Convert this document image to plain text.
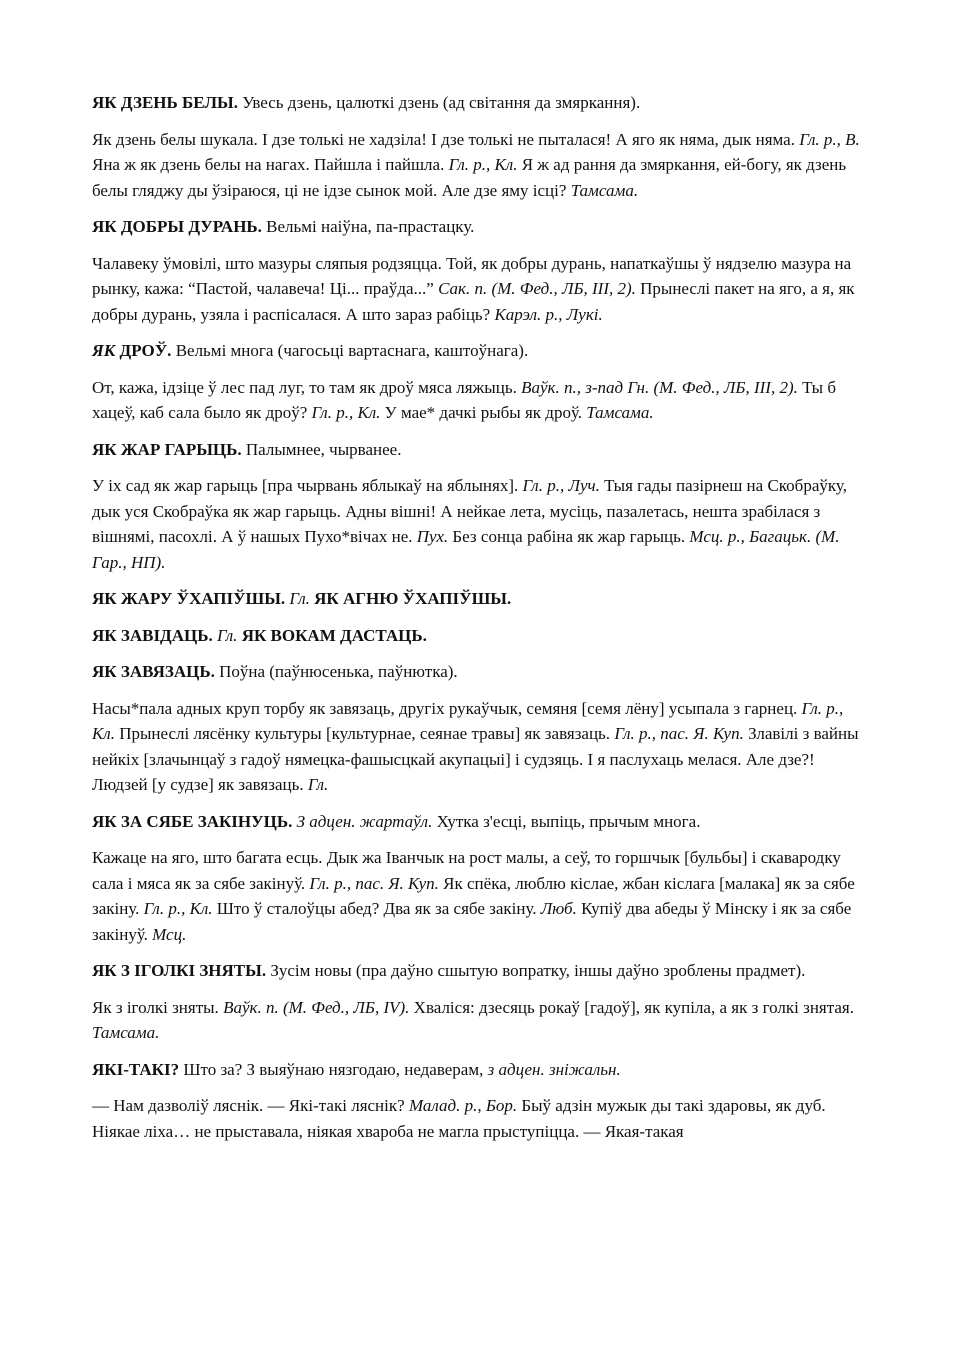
ЯК ДЗЕНЬ БЕЛЫ. Увесь дзень, цалюткі дзень (ад світання да змяркання).

Як дзень белы шукала. І дзе толькі не хадзіла! І дзе толькі не пыталася! А яго як няма, дык няма. Гл. р., В. Яна ж як дзень белы на нагах. Пайшла і пайшла. Гл. р., Кл. Я ж ад рання да змяркання, ей-богу, як дзень белы гляджу ды ўзіраюся, ці не ідзе сынок мой. Але дзе яму ісці? Тамсама.

ЯК ДОБРЫ ДУРАНЬ. Вельмі наіўна, па-прастацку.

Чалавеку ўмовілі, што мазуры сляпыя родзяцца. Той, як добры дурань, напаткаўшы ў нядзелю мазура на рынку, кажа: “Пастой, чалавеча! Ці... праўда...” Сак. п. (М. Фед., ЛБ, III, 2). Прынеслі пакет на яго, а я, як добры дурань, узяла і распісалася. А што зараз рабіць? Карэл. р., Лукі.

ЯК ДРОЎ. Вельмі многа (чагосьці вартаснага, каштоўнага).

От, кажа, ідзіце ў лес пад луг, то там як дроў мяса ляжыць. Ваўк. п., з-пад Гн. (М. Фед., ЛБ, III, 2). Ты б хацеў, каб сала было як дроў? Гл. р., Кл. У мае* дачкі рыбы як дроў. Тамсама.

ЯК ЖАР ГАРЫЦЬ. Палымнее, чырванее.

У іх сад як жар гарыць [пра чырвань яблыкаў на яблынях]. Гл. р., Луч. Тыя гады пазірнеш на Скобраўку, дык уся Скобраўка як жар гарыць. Адны вішні! А нейкае лета, мусіць, пазалетась, нешта зрабілася з вішнямі, пасохлі. А ў нашых Пухо*вічах не. Пух. Без сонца рабіна як жар гарыць. Мсц. р., Багацьк. (М. Гар., НП).

ЯК ЖАРУ ЎХАПІЎШЫ. Гл. ЯК АГНЮ ЎХАПІЎШЫ.

ЯК ЗАВІДАЦЬ. Гл. ЯК ВОКАМ ДАСТАЦЬ.

ЯК ЗАВЯЗАЦЬ. Поўна (паўнюсенька, паўнютка).

Насы*пала адных круп торбу як завязаць, другіх рукаўчык, семяня [семя лёну] усыпала з гарнец. Гл. р., Кл. Прынеслі лясёнку культуры [культурнае, сеянае травы] як завязаць. Гл. р., пас. Я. Куп. Злавілі з вайны нейкіх [злачынцаў з гадоў нямецка-фашысцкай акупацыі] і судзяць. І я паслухаць мелася. Але дзе?! Людзей [у судзе] як завязаць. Гл.

ЯК ЗА СЯБЕ ЗАКІНУЦЬ. З адцен. жартаўл. Хутка з'есці, выпіць, прычым многа.

Кажаце на яго, што багата есць. Дык жа Іванчык на рост малы, а сеў, то горшчык [бульбы] і скавародку сала і мяса як за сябе закінуў. Гл. р., пас. Я. Куп. Як спёка, люблю кіслае, жбан кіслага [малака] як за сябе закіну. Гл. р., Кл. Што ў сталоўцы абед? Два як за сябе закіну. Люб. Купіў два абеды ў Мінску і як за сябе закінуў. Мсц.

ЯК З ІГОЛКІ ЗНЯТЫ. Зусім новы (пра даўно сшытую вопратку, іншы даўно зроблены прадмет).

Як з іголкі зняты. Ваўк. п. (М. Фед., ЛБ, IV). Хваліся: дзесяць рокаў [гадоў], як купіла, а як з голкі знятая. Тамсама.

ЯКІ-ТАКІ? Што за? З выяўнаю нязгодаю, недаверам, з адцен. зніжальн.

— Нам дазволіў ляснік. — Які-такі ляснік? Малад. р., Бор. Быў адзін мужык ды такі здаровы, як дуб. Ніякае ліха… не прыставала, ніякая хвароба не магла прыступіцца. — Якая-такая
